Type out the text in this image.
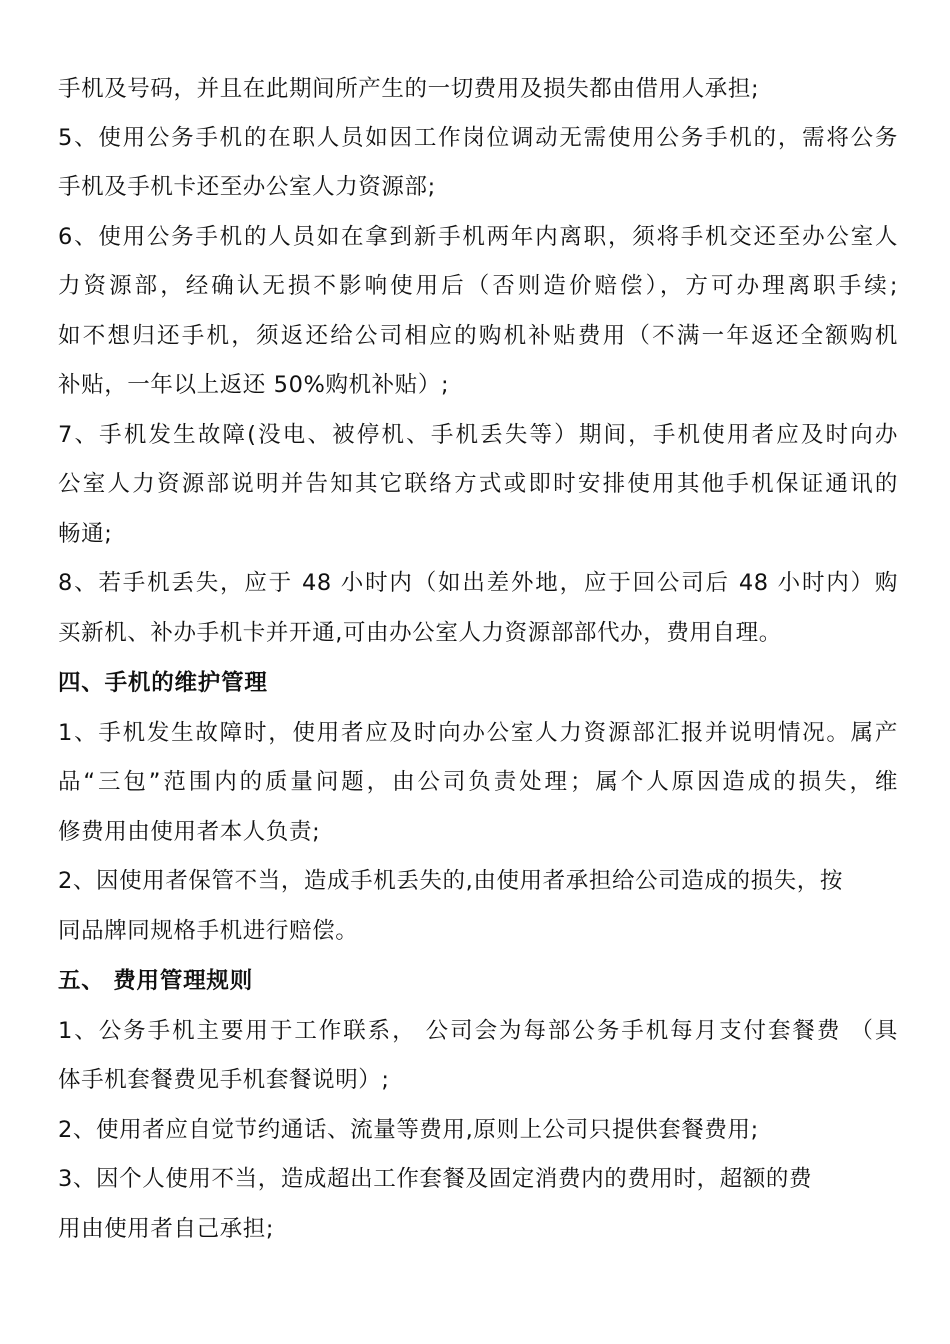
手机及号码，并且在此期间所产生的一切费用及损失都由借用人承担;
5、使用公务手机的在职人员如因工作岗位调动无需使用公务手机的，需将公务
手机及手机卡还至办公室人力资源部;
6、使用公务手机的人员如在拿到新手机两年内离职，须将手机交还至办公室人
力资源部，经确认无损不影响使用后（否则造价赔偿），方可办理离职手续;
如不想归还手机，须返还给公司相应的购机补贴费用（不满一年返还全额购机
补贴，一年以上返还 50%购机补贴）;
7、手机发生故障(没电、被停机、手机丢失等）期间，手机使用者应及时向办
公室人力资源部说明并告知其它联络方式或即时安排使用其他手机保证通讯的
畅通;
8、若手机丢失，应于 48 小时内（如出差外地，应于回公司后 48 小时内）购
买新机、补办手机卡并开通,可由办公室人力资源部部代办，费用自理。
四、手机的维护管理
1、手机发生故障时，使用者应及时向办公室人力资源部汇报并说明情况。属产
品“三包”范围内的质量问题，由公司负责处理；属个人原因造成的损失，维
修费用由使用者本人负责;
2、因使用者保管不当，造成手机丢失的,由使用者承担给公司造成的损失，按
同品牌同规格手机进行赔偿。
五、 费用管理规则
1、公务手机主要用于工作联系， 公司会为每部公务手机每月支付套餐费 （具
体手机套餐费见手机套餐说明）;
2、使用者应自觉节约通话、流量等费用,原则上公司只提供套餐费用;
3、因个人使用不当，造成超出工作套餐及固定消费内的费用时，超额的费
用由使用者自己承担;
